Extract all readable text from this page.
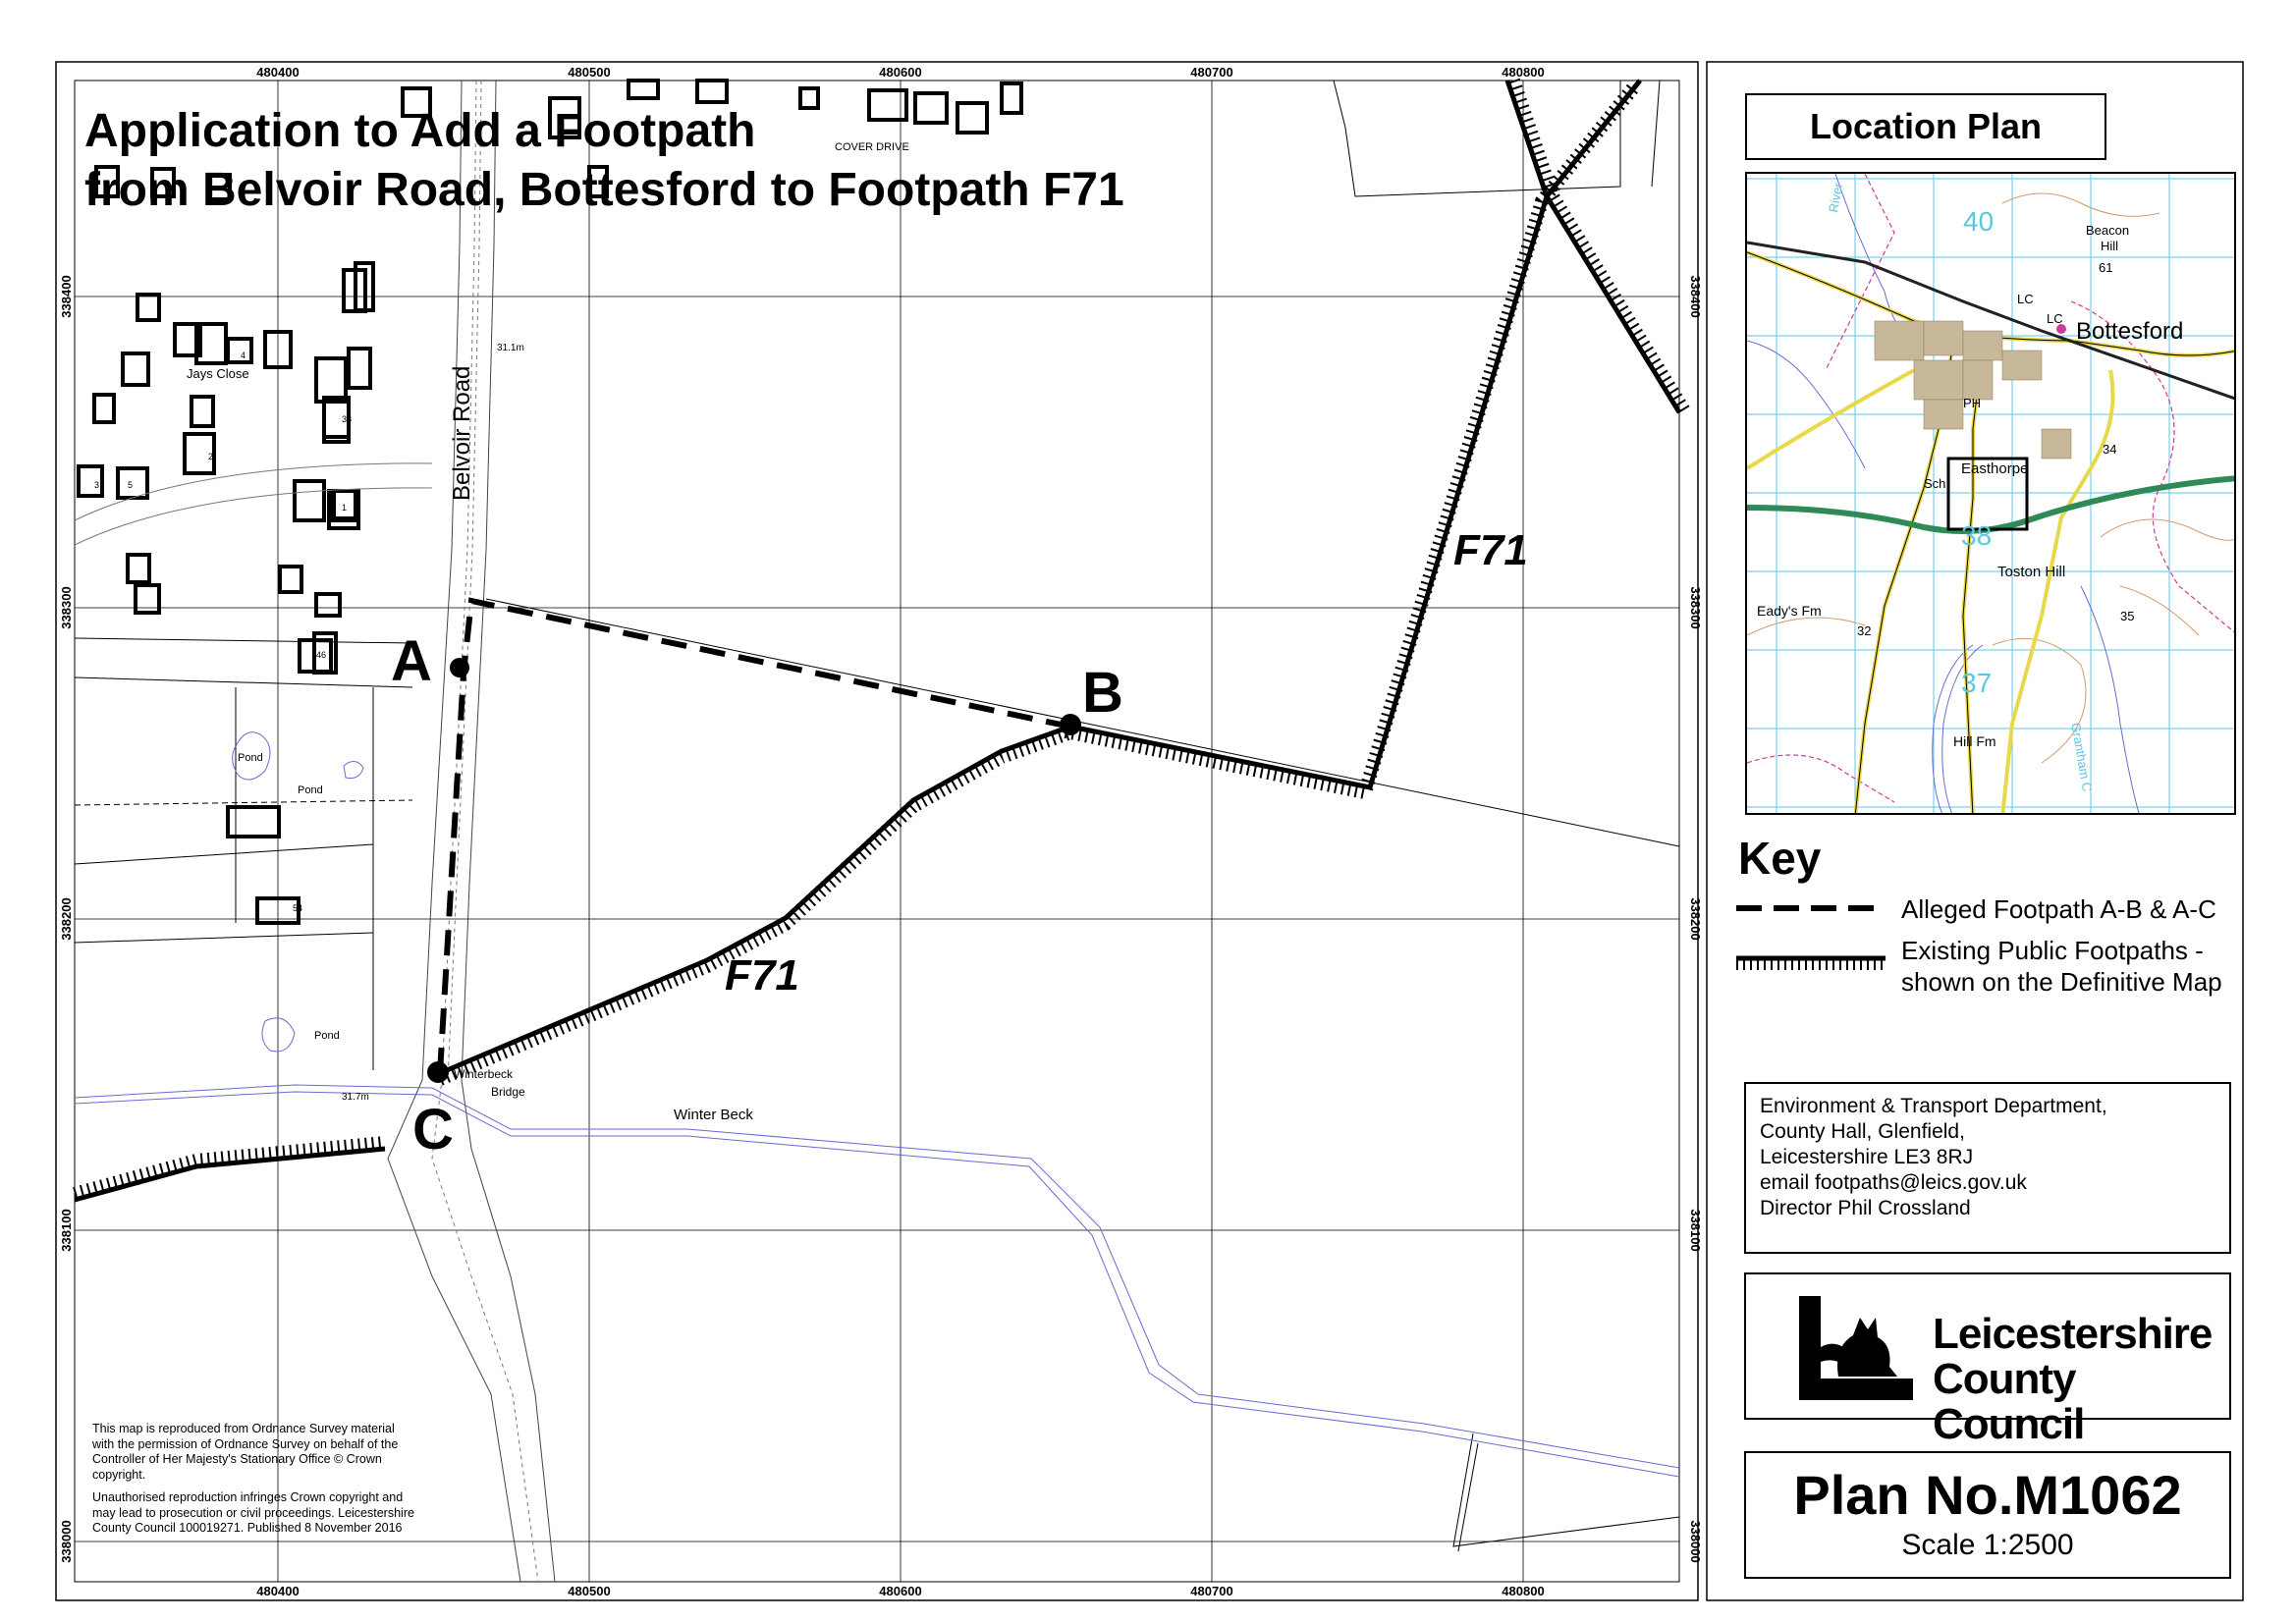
480400	480500	480600	480700	480800
480400	480500	480600	480700	480800
338400
338300
338200
338100
338000
338400
338300
338200
338100
338000
4
3
38
46
54
1
5
2
A	B
C
F71
F71
Belvoir Road
Jays Close
COVER DRIVE
31.1m
31.7m
Pond
Pond
Pond
Winterbeck
Bridge
Winter Beck
Application to Add a Footpath
from Belvoir Road, Bottesford to Footpath F71
This map is reproduced from Ordnance Survey material with the permission of Ordnance Survey on behalf of the Controller of Her Majesty's Stationary Office © Crown copyright.
Unauthorised reproduction infringes Crown copyright and may lead to prosecution or civil proceedings. Leicestershire County Council 100019271. Published 8 November 2016
Location Plan
Bottesford
Easthorpe
Toston Hill
Eady's Fm
Hill Fm
Beacon
Hill
Sch
PH
LC
LC
61
34
32
35
40
38
37
River
Grantham C
Key
Alleged Footpath A-B & A-C
Existing Public Footpaths -
shown on the Definitive Map
Environment & Transport Department,
County Hall, Glenfield,
Leicestershire LE3 8RJ
email footpaths@leics.gov.uk
Director Phil Crossland
Leicestershire
County Council
Plan No.M1062
Scale 1:2500
